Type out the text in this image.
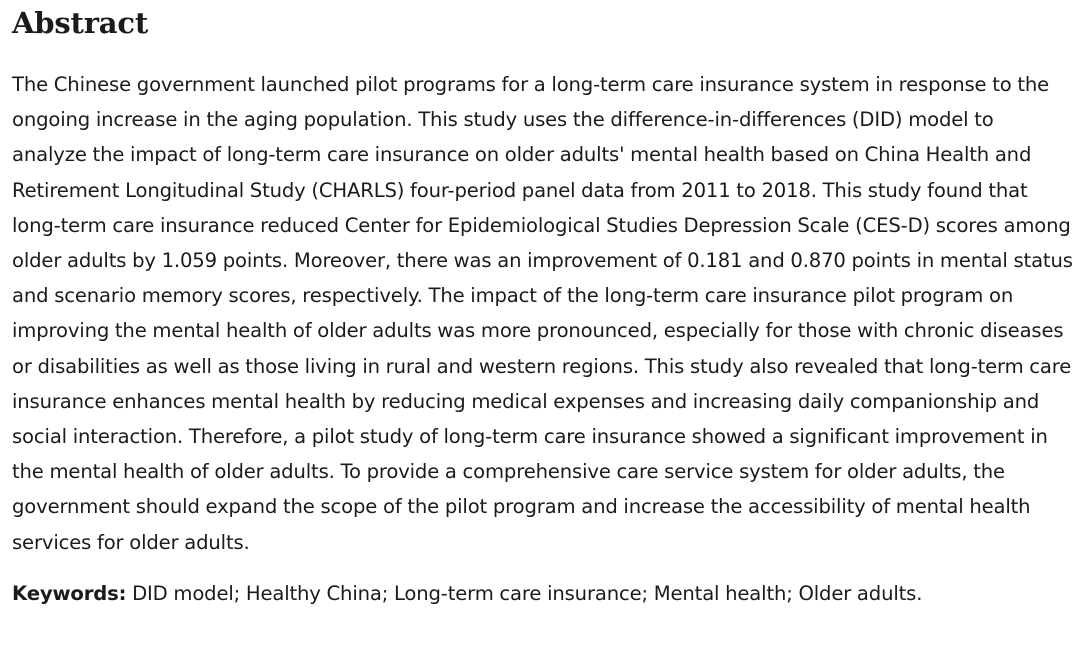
Abstract

The Chinese government launched pilot programs for a long-term care insurance system in response to the ongoing increase in the aging population. This study uses the difference-in-differences (DID) model to analyze the impact of long-term care insurance on older adults' mental health based on China Health and Retirement Longitudinal Study (CHARLS) four-period panel data from 2011 to 2018. This study found that long-term care insurance reduced Center for Epidemiological Studies Depression Scale (CES-D) scores among older adults by 1.059 points. Moreover, there was an improvement of 0.181 and 0.870 points in mental status and scenario memory scores, respectively. The impact of the long-term care insurance pilot program on improving the mental health of older adults was more pronounced, especially for those with chronic diseases or disabilities as well as those living in rural and western regions. This study also revealed that long-term care insurance enhances mental health by reducing medical expenses and increasing daily companionship and social interaction. Therefore, a pilot study of long-term care insurance showed a significant improvement in the mental health of older adults. To provide a comprehensive care service system for older adults, the government should expand the scope of the pilot program and increase the accessibility of mental health services for older adults.

Keywords: DID model; Healthy China; Long-term care insurance; Mental health; Older adults.
